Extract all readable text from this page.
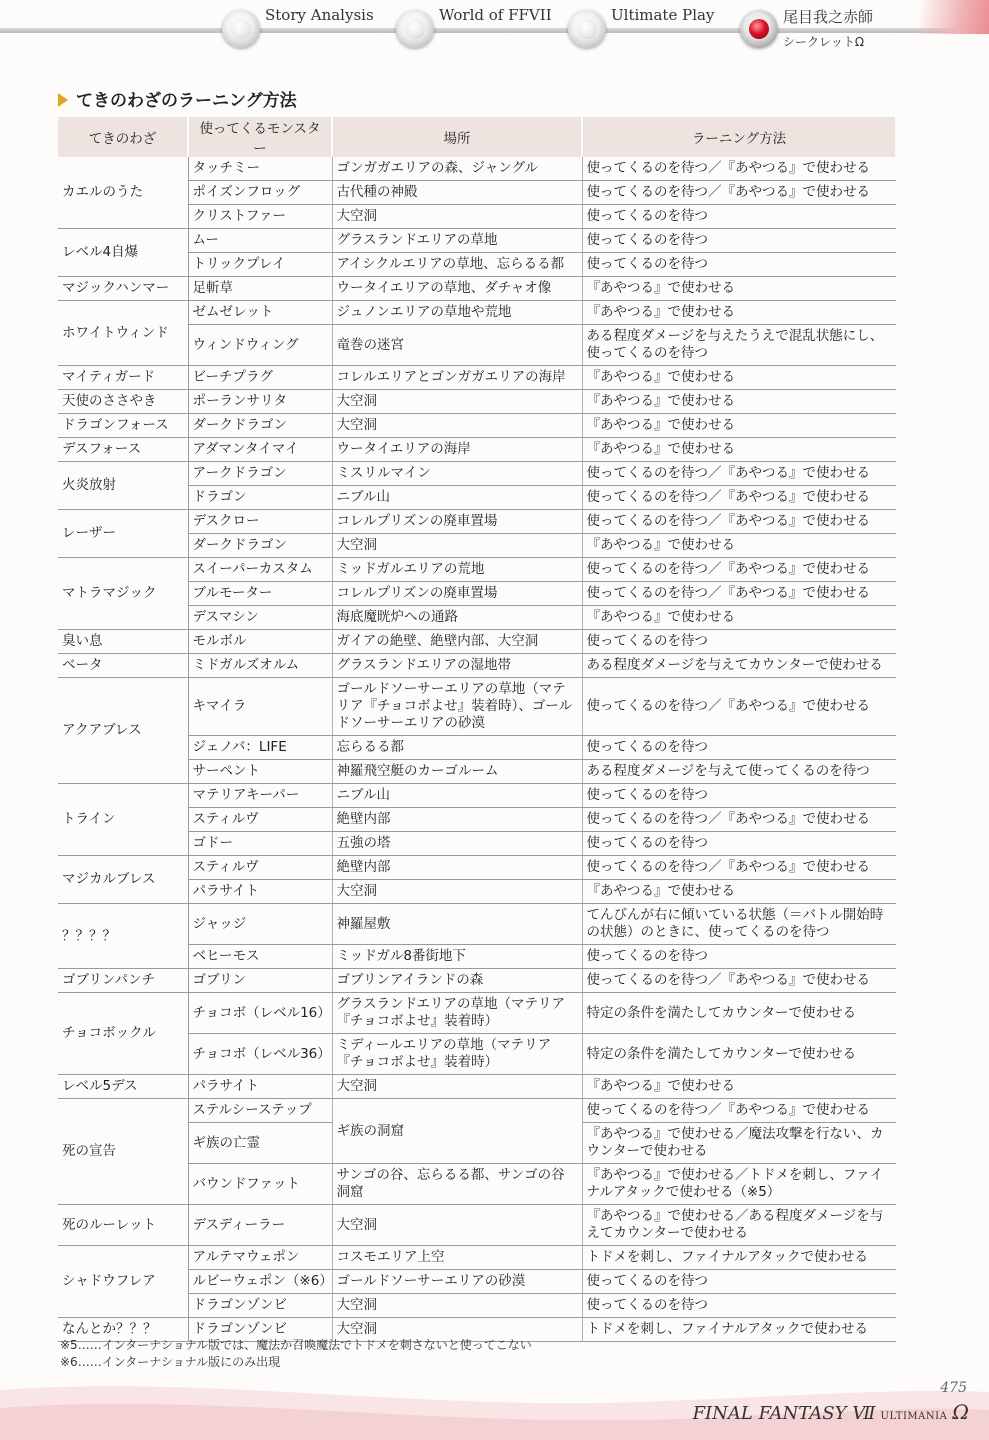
Story Analysis	World of FFVII	Ultimate Play	尾目我之赤師
シークレットΩ
てきのわざのラーニング方法
てきのわざ	使ってくるモンスター	場所	ラーニング方法
カエルのうた	タッチミー	ゴンガガエリアの森、ジャングル	使ってくるのを待つ／『あやつる』で使わせる
	ポイズンフロッグ	古代種の神殿	使ってくるのを待つ／『あやつる』で使わせる
	クリストファー	大空洞	使ってくるのを待つ
レベル4自爆	ムー	グラスランドエリアの草地	使ってくるのを待つ
	トリックプレイ	アイシクルエリアの草地、忘らるる都	使ってくるのを待つ
マジックハンマー	足斬草	ウータイエリアの草地、ダチャオ像	『あやつる』で使わせる
ホワイトウィンド	ゼムゼレット	ジュノンエリアの草地や荒地	『あやつる』で使わせる
	ウィンドウィング	竜巻の迷宮	ある程度ダメージを与えたうえで混乱状態にし、使ってくるのを待つ
マイティガード	ビーチプラグ	コレルエリアとゴンガガエリアの海岸	『あやつる』で使わせる
天使のささやき	ポーランサリタ	大空洞	『あやつる』で使わせる
ドラゴンフォース	ダークドラゴン	大空洞	『あやつる』で使わせる
デスフォース	アダマンタイマイ	ウータイエリアの海岸	『あやつる』で使わせる
火炎放射	アークドラゴン	ミスリルマイン	使ってくるのを待つ／『あやつる』で使わせる
	ドラゴン	ニブル山	使ってくるのを待つ／『あやつる』で使わせる
レーザー	デスクロー	コレルプリズンの廃車置場	使ってくるのを待つ／『あやつる』で使わせる
	ダークドラゴン	大空洞	『あやつる』で使わせる
マトラマジック	スイーパーカスタム	ミッドガルエリアの荒地	使ってくるのを待つ／『あやつる』で使わせる
	ブルモーター	コレルプリズンの廃車置場	使ってくるのを待つ／『あやつる』で使わせる
	デスマシン	海底魔晄炉への通路	『あやつる』で使わせる
臭い息	モルボル	ガイアの絶壁、絶壁内部、大空洞	使ってくるのを待つ
ベータ	ミドガルズオルム	グラスランドエリアの湿地帯	ある程度ダメージを与えてカウンターで使わせる
アクアブレス	キマイラ	ゴールドソーサーエリアの草地（マテリア『チョコボよせ』装着時）、ゴールドソーサーエリアの砂漠	使ってくるのを待つ／『あやつる』で使わせる
	ジェノバ：LIFE	忘らるる都	使ってくるのを待つ
	サーペント	神羅飛空艇のカーゴルーム	ある程度ダメージを与えて使ってくるのを待つ
トライン	マテリアキーパー	ニブル山	使ってくるのを待つ
	スティルヴ	絶壁内部	使ってくるのを待つ／『あやつる』で使わせる
	ゴドー	五強の塔	使ってくるのを待つ
マジカルブレス	スティルヴ	絶壁内部	使ってくるのを待つ／『あやつる』で使わせる
	パラサイト	大空洞	『あやつる』で使わせる
？？？？	ジャッジ	神羅屋敷	てんびんが右に傾いている状態（＝バトル開始時の状態）のときに、使ってくるのを待つ
	ベヒーモス	ミッドガル8番街地下	使ってくるのを待つ
ゴブリンパンチ	ゴブリン	ゴブリンアイランドの森	使ってくるのを待つ／『あやつる』で使わせる
チョコボックル	チョコボ（レベル16）	グラスランドエリアの草地（マテリア『チョコボよせ』装着時）	特定の条件を満たしてカウンターで使わせる
	チョコボ（レベル36）	ミディールエリアの草地（マテリア『チョコボよせ』装着時）	特定の条件を満たしてカウンターで使わせる
レベル5デス	パラサイト	大空洞	『あやつる』で使わせる
死の宣告	ステルシーステップ	ギ族の洞窟	使ってくるのを待つ／『あやつる』で使わせる
	ギ族の亡霊		『あやつる』で使わせる／魔法攻撃を行ない、カウンターで使わせる
	バウンドファット	サンゴの谷、忘らるる都、サンゴの谷洞窟	『あやつる』で使わせる／トドメを刺し、ファイナルアタックで使わせる（※5）
死のルーレット	デスディーラー	大空洞	『あやつる』で使わせる／ある程度ダメージを与えてカウンターで使わせる
シャドウフレア	アルテマウェポン	コスモエリア上空	トドメを刺し、ファイナルアタックで使わせる
	ルビーウェポン（※6）	ゴールドソーサーエリアの砂漠	使ってくるのを待つ
	ドラゴンゾンビ	大空洞	使ってくるのを待つ
なんとか？？？	ドラゴンゾンビ	大空洞	トドメを刺し、ファイナルアタックで使わせる
※5……インターナショナル版では、魔法か召喚魔法でトドメを刺さないと使ってこない
※6……インターナショナル版にのみ出現
475
FINAL FANTASY Ⅶ ULTIMANIA Ω
